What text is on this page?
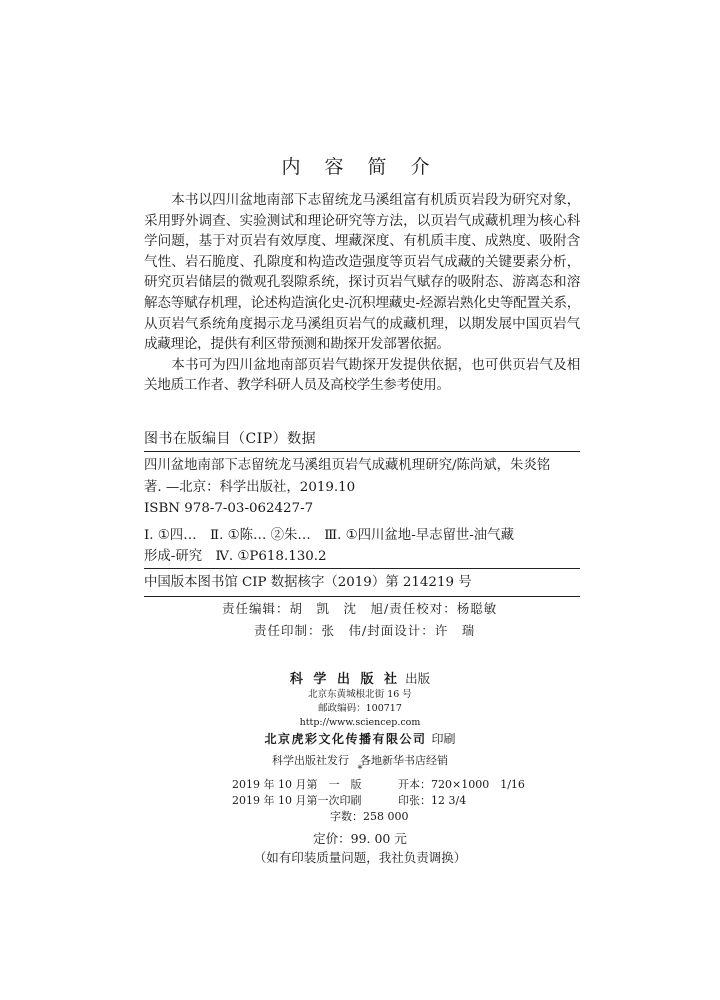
内 容 简 介

本书以四川盆地南部下志留统龙马溪组富有机质页岩段为研究对象，采用野外调查、实验测试和理论研究等方法，以页岩气成藏机理为核心科学问题，基于对页岩有效厚度、埋藏深度、有机质丰度、成熟度、吸附含气性、岩石脆度、孔隙度和构造改造强度等页岩气成藏的关键要素分析，研究页岩储层的微观孔裂隙系统，探讨页岩气赋存的吸附态、游离态和溶解态等赋存机理，论述构造演化史-沉积埋藏史-烃源岩熟化史等配置关系，从页岩气系统角度揭示龙马溪组页岩气的成藏机理，以期发展中国页岩气成藏理论，提供有利区带预测和勘探开发部署依据。

本书可为四川盆地南部页岩气勘探开发提供依据，也可供页岩气及相关地质工作者、教学科研人员及高校学生参考使用。

图书在版编目（CIP）数据
四川盆地南部下志留统龙马溪组页岩气成藏机理研究/陈尚斌，朱炎铭
著. —北京：科学出版社，2019.10
ISBN 978-7-03-062427-7
Ⅰ. ①四…　Ⅱ. ①陈… ②朱…　Ⅲ. ①四川盆地-早志留世-油气藏
形成-研究　Ⅳ. ①P618.130.2
中国版本图书馆 CIP 数据核字（2019）第 214219 号
责任编辑：胡　凯　沈　旭/责任校对：杨聪敏
责任印制：张　伟/封面设计：许　瑞
科 学 出 版 社 出版
北京东黄城根北街 16 号
邮政编码：100717
http://www.sciencep.com
北京虎彩文化传播有限公司 印刷
科学出版社发行　各地新华书店经销
*
2019 年 10 月第　一　版	开本：720×1000　1/16
2019 年 10 月第一次印刷	印张：12 3/4
字数：258 000
定价：99. 00 元
（如有印装质量问题，我社负责调换）
